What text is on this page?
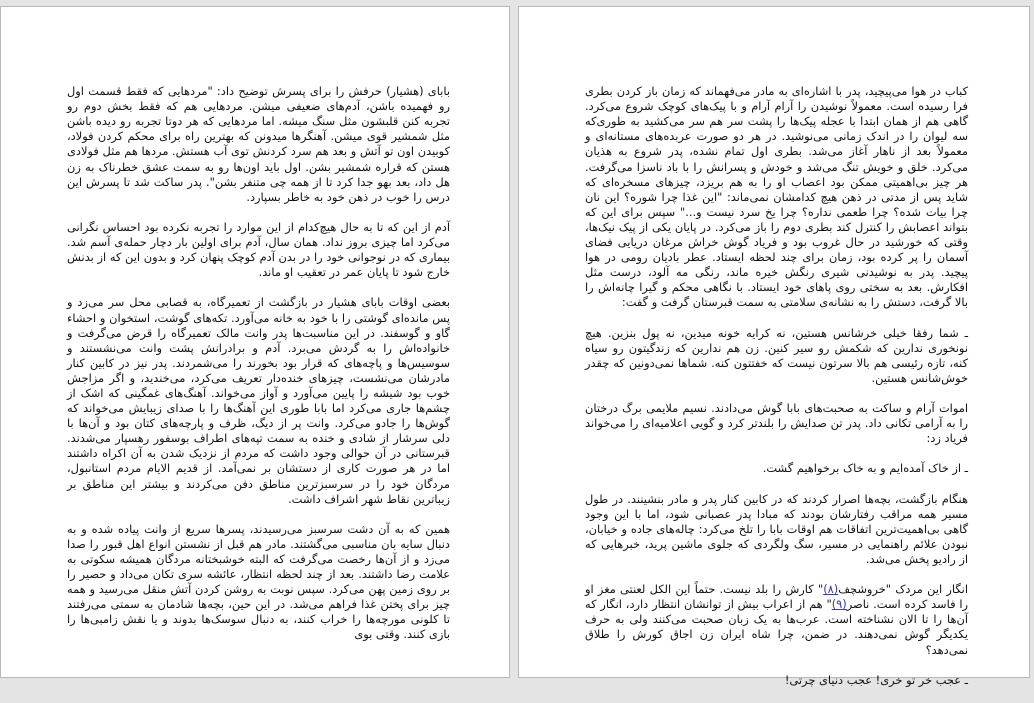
بابای (هشیار) حرفش را برای پسرش توضیح داد: "مردهایی که فقط قسمت اول رو فهمیده باشن، آدم‌های ضعیفی میشن. مردهایی هم که فقط بخش دوم رو تجربه کنن قلبشون مثل سنگ میشه. اما مردهایی که هر دوتا تجربه رو دیده باشن مثل شمشیر قوی میشن. آهنگرها میدونن که بهترین راه برای محکم کردن فولاد، کوبیدن اون تو آتش و بعد هم سرد کردنش توی آب هستش. مردها هم مثل فولادی هستن که قراره شمشیر بشن. اول باید اون‌ها رو به سمت عشق خطرناک به زن هل داد، بعد بهو جدا کرد تا از همه چی متنفر بشن". پدر ساکت شد تا پسرش این درس را خوب در ذهن خود به خاطر بسپارد.

آدم از این که تا به حال هیچ‌کدام از این موارد را تجربه نکرده بود احساس نگرانی می‌کرد اما چیزی بروز نداد. همان سال، آدم برای اولین بار دچار حمله‌ی آسم شد. بیماری که در نوجوانی خود را در بدن آدم کوچک پنهان کرد و بدون این که از بدنش خارج شود تا پایان عمر در تعقیب او ماند.

بعضی اوقات بابای هشیار در بازگشت از تعمیرگاه، به قصابی محل سر می‌زد و پس مانده‌ای گوشتی را با خود به خانه می‌آورد. تکه‌های گوشت، استخوان و احشاء گاو و گوسفند. در این مناسبت‌ها پدر وانت مالک تعمیرگاه را قرض می‌گرفت و خانواده‌اش را به گردش می‌برد. آدم و برادرانش پشت وانت می‌نشستند و سوسیس‌ها و پاچه‌های که قرار بود بخورند را می‌شمردند. پدر نیز در کابین کنار مادرشان می‌نشست، چیزهای خنده‌دار تعریف می‌کرد، می‌خندید، و اگر مزاجش خوب بود شیشه را پایین می‌آورد و آواز می‌خواند. آهنگ‌های غمگینی که اشک از چشم‌ها جاری می‌کرد اما بابا طوری این آهنگ‌ها را با صدای زیبایش می‌خواند که گوش‌ها را جادو می‌کرد. وانت پر از دیگ، ظرف و پارچه‌های کتان بود و آن‌ها با دلی سرشار از شادی و خنده به سمت تپه‌های اطراف بوسفور رهسپار می‌شدند. قبرستانی در آن حوالی وجود داشت که مردم از نزدیک شدن به آن اکراه داشتند اما در هر صورت کاری از دستشان بر نمی‌آمد. از قدیم الایام مردم استانبول، مردگان خود را در سرسبزترین مناطق دفن می‌کردند و بیشتر این مناطق بر زیباترین نقاط شهر اشراف داشت.

همین که به آن دشت سرسبز می‌رسیدند، پسرها سریع از وانت پیاده شده و به دنبال سایه بان مناسبی می‌گشتند. مادر هم قبل از نشستن انواع اهل قبور را صدا می‌زد و از آن‌ها رخصت می‌گرفت که البته خوشبختانه مردگان همیشه سکوتی به علامت رضا داشتند. بعد از چند لحظه انتظار، عائشه سری تکان می‌داد و حصیر را بر روی زمین پهن می‌کرد. سپس نوبت به روشن کردن آتش منقل می‌رسید و همه چیز برای پختن غذا فراهم می‌شد. در این حین، بچه‌ها شادمان به سمتی می‌رفتند تا کلونی مورچه‌ها را خراب کنند، به دنبال سوسک‌ها بدوند و یا نقش زامبی‌ها را بازی کنند. وقتی بوی

کباب در هوا می‌پیچید، پدر با اشاره‌ای به مادر می‌فهماند که زمان باز کردن بطری فرا رسیده است. معمولاً نوشیدن را آرام آرام و با پیک‌های کوچک شروع می‌کرد. گاهی هم از همان ابتدا با عجله پیک‌ها را پشت سر هم سر می‌کشید به طوری‌که سه لیوان را در اندک زمانی می‌نوشید. در هر دو صورت عربده‌های مستانه‌ای و معمولاً بعد از ناهار آغاز می‌شد. بطری اول تمام نشده، پدر شروع به هذیان می‌کرد. خلق و خویش تنگ می‌شد و خودش و پسرانش را با باد ناسزا می‌گرفت. هر چیز بی‌اهمیتی ممکن بود اعصاب او را به هم بریزد، چیزهای مسخره‌ای که شاید پس از مدتی در ذهن هیچ کدامشان نمی‌ماند: "این غذا چرا شوره؟ این نان چرا بیات شده؟ چرا طعمی نداره؟ چرا یخ سرد نیست و..." سپس برای این که بتواند اعصابش را کنترل کند بطری دوم را باز می‌کرد. در پایان یکی از پیک نیک‌ها، وقتی که خورشید در حال غروب بود و فریاد گوش خراش مرغان دریایی فضای آسمان را پر کرده بود، زمان برای چند لحظه ایستاد. عطر بادیان رومی در هوا پیچید. پدر به نوشیدنی شیری رنگش خیره ماند، رنگی مه آلود، درست مثل افکارش. بعد به سختی روی پاهای خود ایستاد. با نگاهی محکم و گیرا چانه‌اش را بالا گرفت، دستش را به نشانه‌ی سلامتی به سمت قبرستان گرفت و گفت:

ـ شما رفقا خیلی خرشانس هستین، نه کرایه خونه میدین، نه پول بنزین. هیچ نونخوری ندارین که شکمش رو سیر کنین. زن هم ندارین که زندگیتون رو سیاه کنه، تازه رئیسی هم بالا سرتون نیست که خفتتون کنه. شماها نمی‌دونین که چقدر خوش‌شانس هستین.

اموات آرام و ساکت به صحبت‌های بابا گوش می‌دادند. نسیم ملایمی برگ درختان را به آرامی تکانی داد. پدر تن صدایش را بلندتر کرد و گویی اعلامیه‌ای را می‌خواند فریاد زد:

ـ از خاک آمده‌ایم و به خاک برخواهیم گشت.

هنگام بازگشت، بچه‌ها اصرار کردند که در کابین کنار پدر و مادر بنشینند. در طول مسیر همه مراقب رفتارشان بودند که مبادا پدر عصبانی شود، اما با این وجود گاهی بی‌اهمیت‌ترین اتفاقات هم اوقات بابا را تلخ می‌کرد: چاله‌های جاده و خیابان، نبودن علائم راهنمایی در مسیر، سگ ولگردی که جلوی ماشین پرید، خبرهایی که از رادیو پخش می‌شد.

انگار این مردک "خروشچف(۸)" کارش را بلد نیست. حتماً این الکل لعنتی مغز او را فاسد کرده است. ناصر(۹)" هم از اعراب بیش از توانشان انتظار دارد، انگار که آن‌ها را تا الان نشناخته است. عرب‌ها به یک زبان صحبت می‌کنند ولی به حرف یکدیگر گوش نمی‌دهند. در ضمن، چرا شاه ایران زن اجاق کورش را طلاق نمی‌دهد؟

ـ عجب خر تو خری! عجب دنیای چرتی!
